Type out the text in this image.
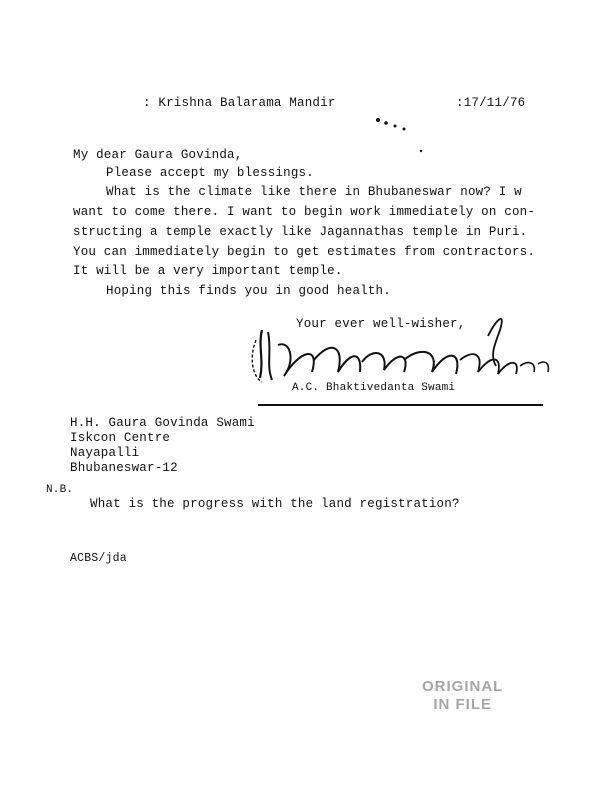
: Krishna Balarama Mandir	:17/11/76
My dear Gaura Govinda,
Please accept my blessings.
What is the climate like there in Bhubaneswar now? I w
want to come there. I want to begin work immediately on con-
structing a temple exactly like Jagannathas temple in Puri.
You can immediately begin to get estimates from contractors.
It will be a very important temple.
Hoping this finds you in good health.
Your ever well-wisher,
A.C. Bhaktivedanta Swami
H.H. Gaura Govinda Swami
Iskcon Centre
Nayapalli
Bhubaneswar-12
N.B.
What is the progress with the land registration?
ACBS/jda
ORIGINAL
IN FILE
